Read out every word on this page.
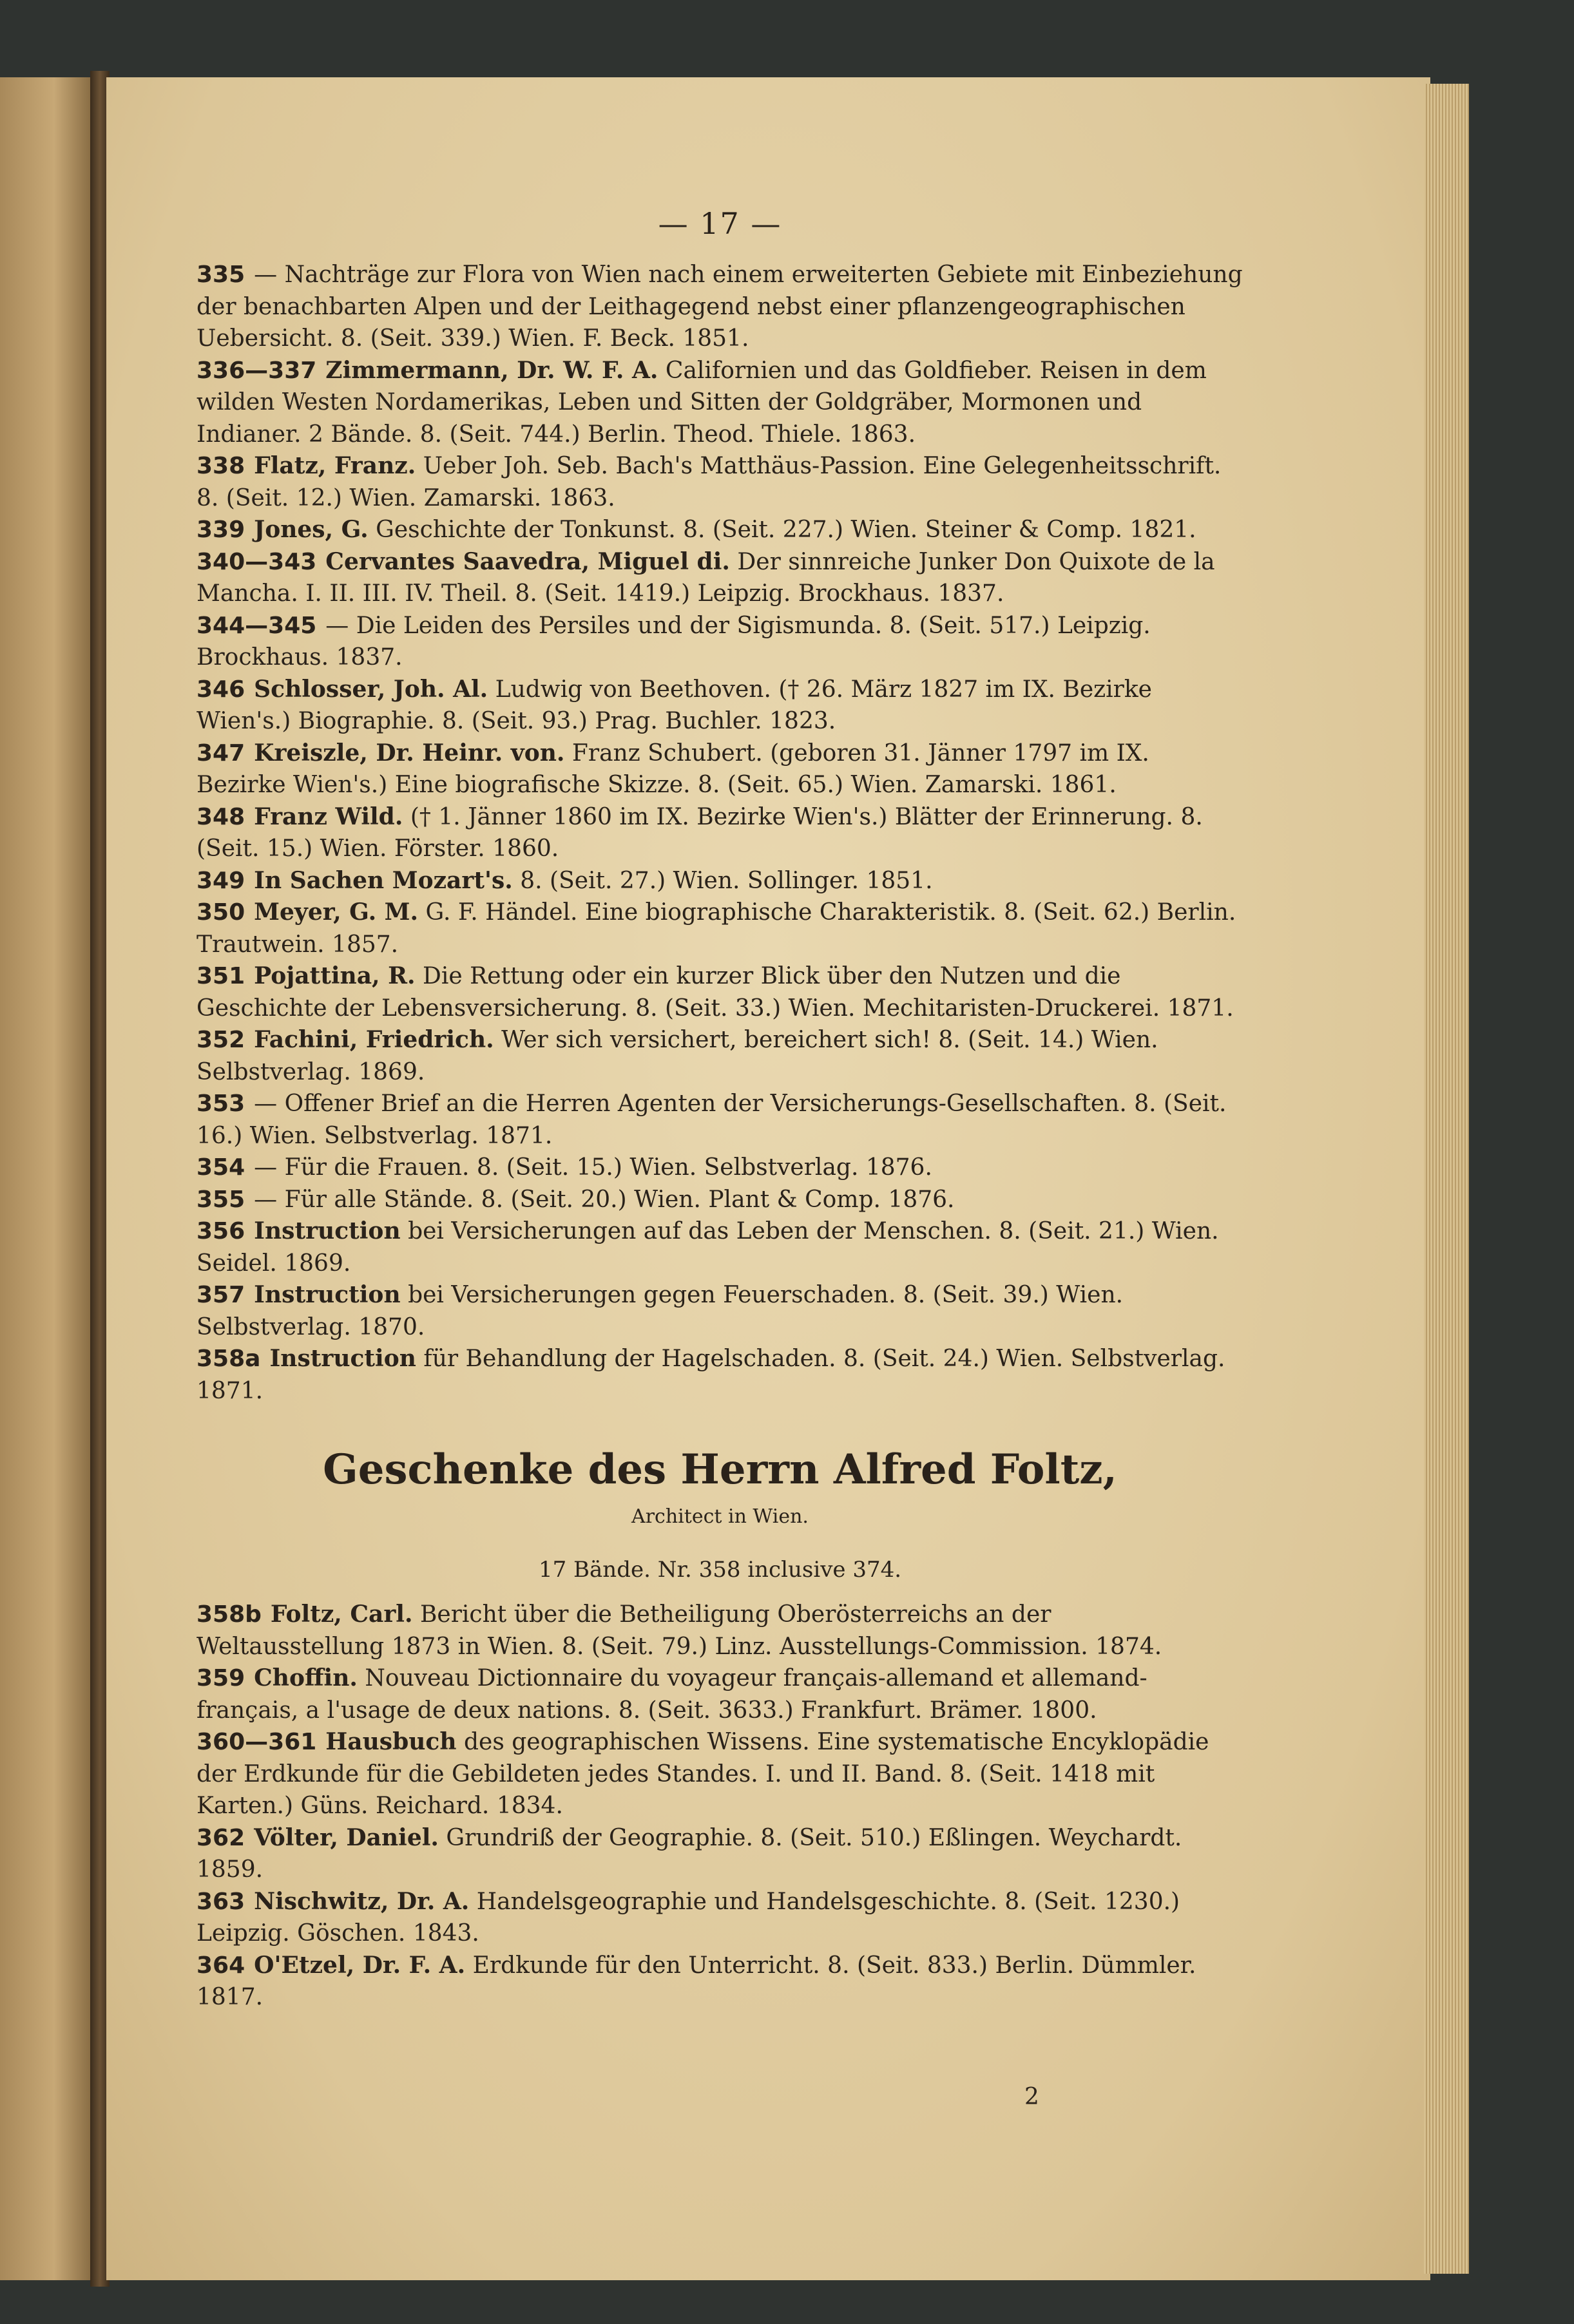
— 17 —
335 — Nachträge zur Flora von Wien nach einem erweiterten Gebiete mit Einbeziehung der benachbarten Alpen und der Leithagegend nebst einer pflanzengeographischen Uebersicht. 8. (Seit. 339.) Wien. F. Beck. 1851.
336—337 Zimmermann, Dr. W. F. A. Californien und das Goldfieber. Reisen in dem wilden Westen Nordamerikas, Leben und Sitten der Goldgräber, Mormonen und Indianer. 2 Bände. 8. (Seit. 744.) Berlin. Theod. Thiele. 1863.
338 Flatz, Franz. Ueber Joh. Seb. Bach's Matthäus-Passion. Eine Gelegenheitsschrift. 8. (Seit. 12.) Wien. Zamarski. 1863.
339 Jones, G. Geschichte der Tonkunst. 8. (Seit. 227.) Wien. Steiner & Comp. 1821.
340—343 Cervantes Saavedra, Miguel di. Der sinnreiche Junker Don Quixote de la Mancha. I. II. III. IV. Theil. 8. (Seit. 1419.) Leipzig. Brockhaus. 1837.
344—345 — Die Leiden des Persiles und der Sigismunda. 8. (Seit. 517.) Leipzig. Brockhaus. 1837.
346 Schlosser, Joh. Al. Ludwig von Beethoven. († 26. März 1827 im IX. Bezirke Wien's.) Biographie. 8. (Seit. 93.) Prag. Buchler. 1823.
347 Kreiszle, Dr. Heinr. von. Franz Schubert. (geboren 31. Jänner 1797 im IX. Bezirke Wien's.) Eine biografische Skizze. 8. (Seit. 65.) Wien. Zamarski. 1861.
348 Franz Wild. († 1. Jänner 1860 im IX. Bezirke Wien's.) Blätter der Erinnerung. 8. (Seit. 15.) Wien. Förster. 1860.
349 In Sachen Mozart's. 8. (Seit. 27.) Wien. Sollinger. 1851.
350 Meyer, G. M. G. F. Händel. Eine biographische Charakteristik. 8. (Seit. 62.) Berlin. Trautwein. 1857.
351 Pojattina, R. Die Rettung oder ein kurzer Blick über den Nutzen und die Geschichte der Lebensversicherung. 8. (Seit. 33.) Wien. Mechitaristen-Druckerei. 1871.
352 Fachini, Friedrich. Wer sich versichert, bereichert sich! 8. (Seit. 14.) Wien. Selbstverlag. 1869.
353 — Offener Brief an die Herren Agenten der Versicherungs-Gesellschaften. 8. (Seit. 16.) Wien. Selbstverlag. 1871.
354 — Für die Frauen. 8. (Seit. 15.) Wien. Selbstverlag. 1876.
355 — Für alle Stände. 8. (Seit. 20.) Wien. Plant & Comp. 1876.
356 Instruction bei Versicherungen auf das Leben der Menschen. 8. (Seit. 21.) Wien. Seidel. 1869.
357 Instruction bei Versicherungen gegen Feuerschaden. 8. (Seit. 39.) Wien. Selbstverlag. 1870.
358a Instruction für Behandlung der Hagelschaden. 8. (Seit. 24.) Wien. Selbstverlag. 1871.
Geschenke des Herrn Alfred Foltz,
Architect in Wien.
17 Bände. Nr. 358 inclusive 374.
358b Foltz, Carl. Bericht über die Betheiligung Oberösterreichs an der Weltausstellung 1873 in Wien. 8. (Seit. 79.) Linz. Ausstellungs-Commission. 1874.
359 Choffin. Nouveau Dictionnaire du voyageur français-allemand et allemand-français, a l'usage de deux nations. 8. (Seit. 3633.) Frankfurt. Brämer. 1800.
360—361 Hausbuch des geographischen Wissens. Eine systematische Encyklopädie der Erdkunde für die Gebildeten jedes Standes. I. und II. Band. 8. (Seit. 1418 mit Karten.) Güns. Reichard. 1834.
362 Völter, Daniel. Grundriß der Geographie. 8. (Seit. 510.) Eßlingen. Weychardt. 1859.
363 Nischwitz, Dr. A. Handelsgeographie und Handelsgeschichte. 8. (Seit. 1230.) Leipzig. Göschen. 1843.
364 O'Etzel, Dr. F. A. Erdkunde für den Unterricht. 8. (Seit. 833.) Berlin. Dümmler. 1817.
2
